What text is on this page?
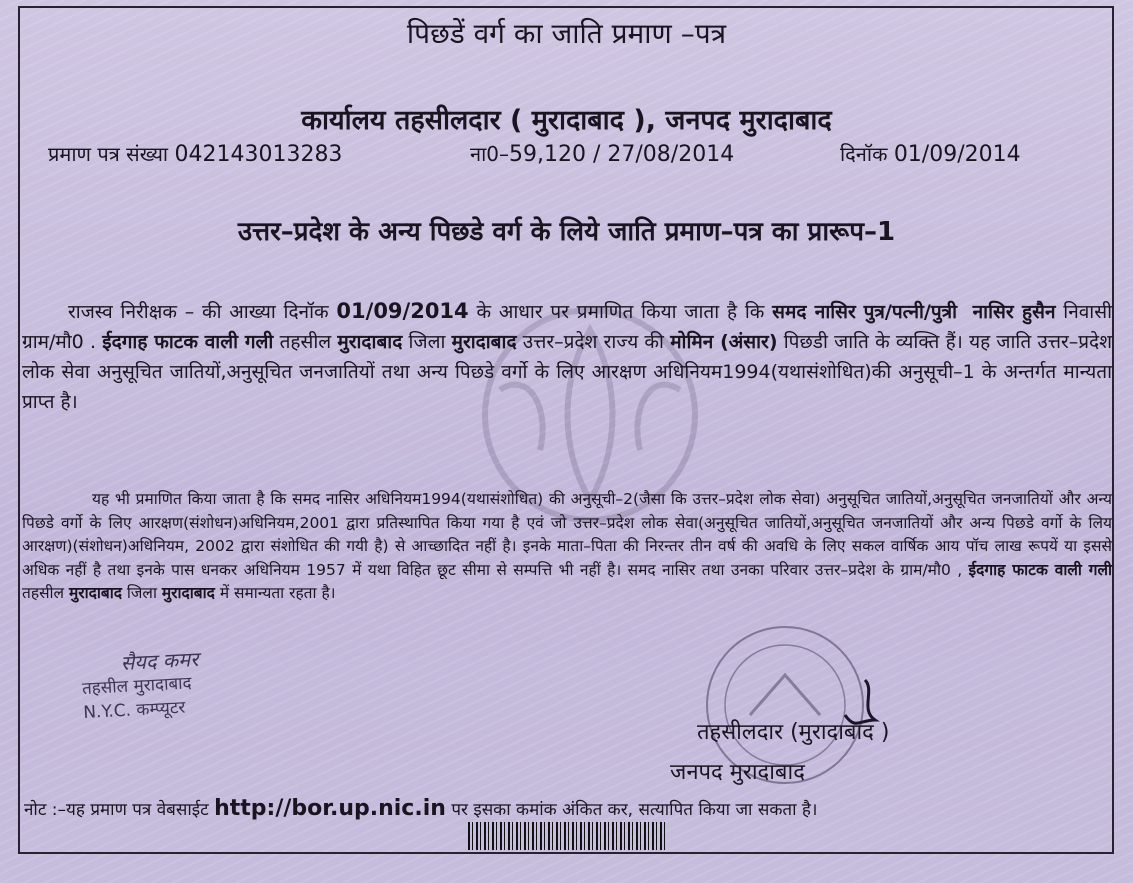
पिछडें वर्ग का जाति प्रमाण –पत्र
कार्यालय तहसीलदार ( मुरादाबाद ), जनपद मुरादाबाद
प्रमाण पत्र संख्या 042143013283	ना0–59,120 / 27/08/2014	दिनॉक 01/09/2014
उत्तर–प्रदेश के अन्य पिछडे वर्ग के लिये जाति प्रमाण–पत्र का प्रारूप–1
राजस्व निरीक्षक – की आख्या दिनॉक 01/09/2014 के आधार पर प्रमाणित किया जाता है कि समद नासिर पुत्र/पत्नी/पुत्री नासिर हुसैन निवासी ग्राम/मौ0 . ईदगाह फाटक वाली गली तहसील मुरादाबाद जिला मुरादाबाद उत्तर–प्रदेश राज्य की मोमिन (अंसार) पिछडी जाति के व्यक्ति हैं। यह जाति उत्तर–प्रदेश लोक सेवा अनुसूचित जातियों,अनुसूचित जनजातियों तथा अन्य पिछडे वर्गो के लिए आरक्षण अधिनियम1994(यथासंशोधित)की अनुसूची–1 के अन्तर्गत मान्यता प्राप्त है।
यह भी प्रमाणित किया जाता है कि समद नासिर अधिनियम1994(यथासंशोधित) की अनुसूची–2(जैसा कि उत्तर–प्रदेश लोक सेवा) अनुसूचित जातियों,अनुसूचित जनजातियों और अन्य पिछडे वर्गो के लिए आरक्षण(संशोधन)अधिनियम,2001 द्वारा प्रतिस्थापित किया गया है एवं जो उत्तर–प्रदेश लोक सेवा(अनुसूचित जातियों,अनुसूचित जनजातियों और अन्य पिछडे वर्गो के लिय आरक्षण)(संशोधन)अधिनियम, 2002 द्वारा संशोधित की गयी है) से आच्छादित नहीं है। इनके माता–पिता की निरन्तर तीन वर्ष की अवधि के लिए सकल वार्षिक आय पॉच लाख रूपयें या इससे अधिक नहीं है तथा इनके पास धनकर अधिनियम 1957 में यथा विहित छूट सीमा से सम्पत्ति भी नहीं है। समद नासिर तथा उनका परिवार उत्तर–प्रदेश के ग्राम/मौ0 , ईदगाह फाटक वाली गली तहसील मुरादाबाद जिला मुरादाबाद में समान्यता रहता है।
सैयद कमर
तहसील मुरादाबाद
N.Y.C. कम्प्यूटर
तहसीलदार (मुरादाबाद )
जनपद मुरादाबाद
नोट :–यह प्रमाण पत्र वेबसाईट http://bor.up.nic.in पर इसका कमांक अंकित कर, सत्यापित किया जा सकता है।
